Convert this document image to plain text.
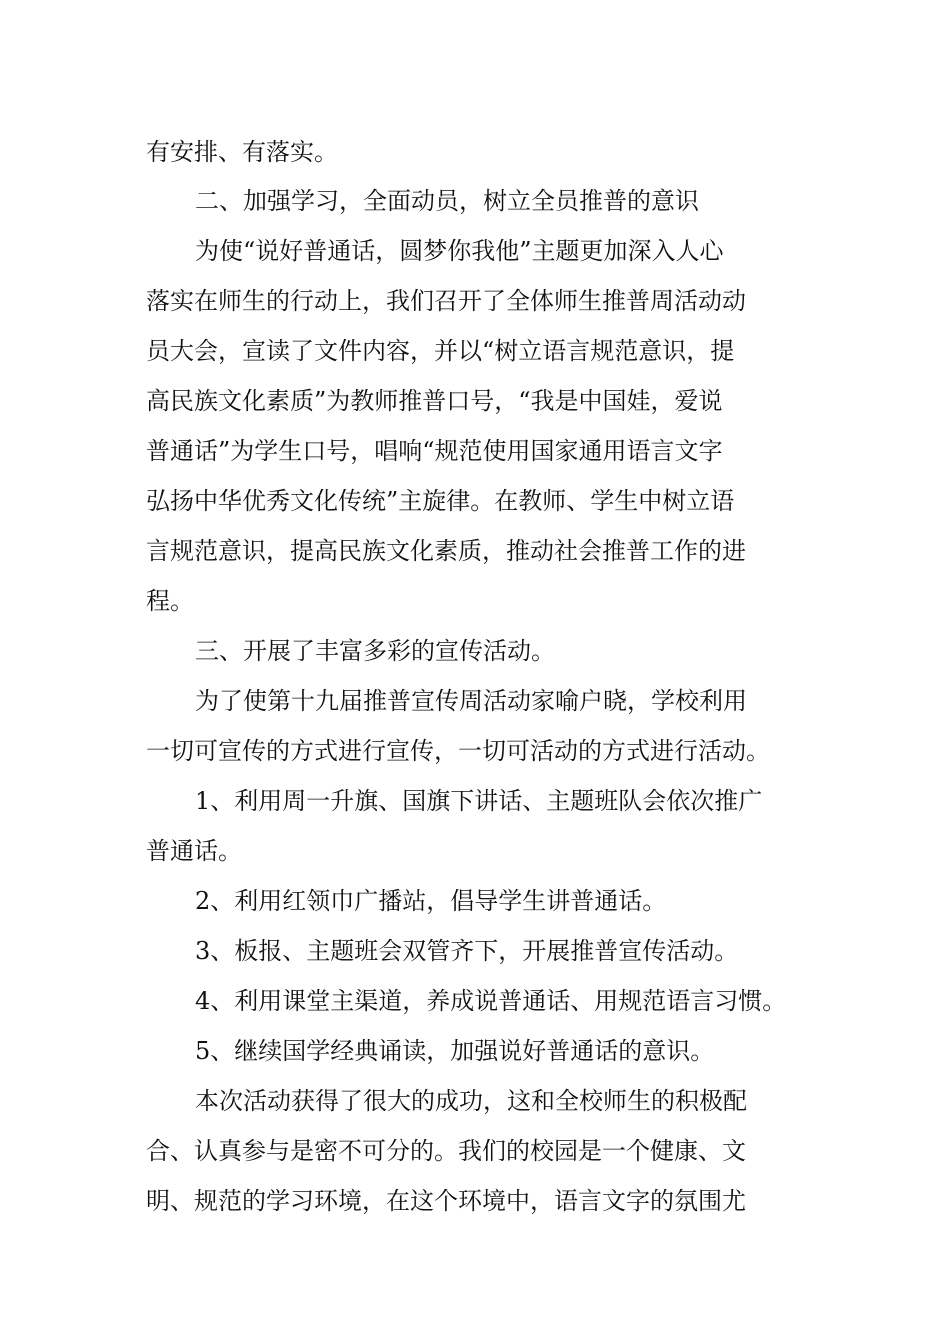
有安排、有落实。
二、加强学习，全面动员，树立全员推普的意识
为使“说好普通话，圆梦你我他”主题更加深入人心
落实在师生的行动上，我们召开了全体师生推普周活动动
员大会，宣读了文件内容，并以“树立语言规范意识，提
高民族文化素质”为教师推普口号，“我是中国娃，爱说
普通话”为学生口号，唱响“规范使用国家通用语言文字
弘扬中华优秀文化传统”主旋律。在教师、学生中树立语
言规范意识，提高民族文化素质，推动社会推普工作的进
程。
三、开展了丰富多彩的宣传活动。
为了使第十九届推普宣传周活动家喻户晓，学校利用
一切可宣传的方式进行宣传，一切可活动的方式进行活动。
1、利用周一升旗、国旗下讲话、主题班队会依次推广
普通话。
2、利用红领巾广播站，倡导学生讲普通话。
3、板报、主题班会双管齐下，开展推普宣传活动。
4、利用课堂主渠道，养成说普通话、用规范语言习惯。
5、继续国学经典诵读，加强说好普通话的意识。
本次活动获得了很大的成功，这和全校师生的积极配
合、认真参与是密不可分的。我们的校园是一个健康、文
明、规范的学习环境，在这个环境中，语言文字的氛围尤
